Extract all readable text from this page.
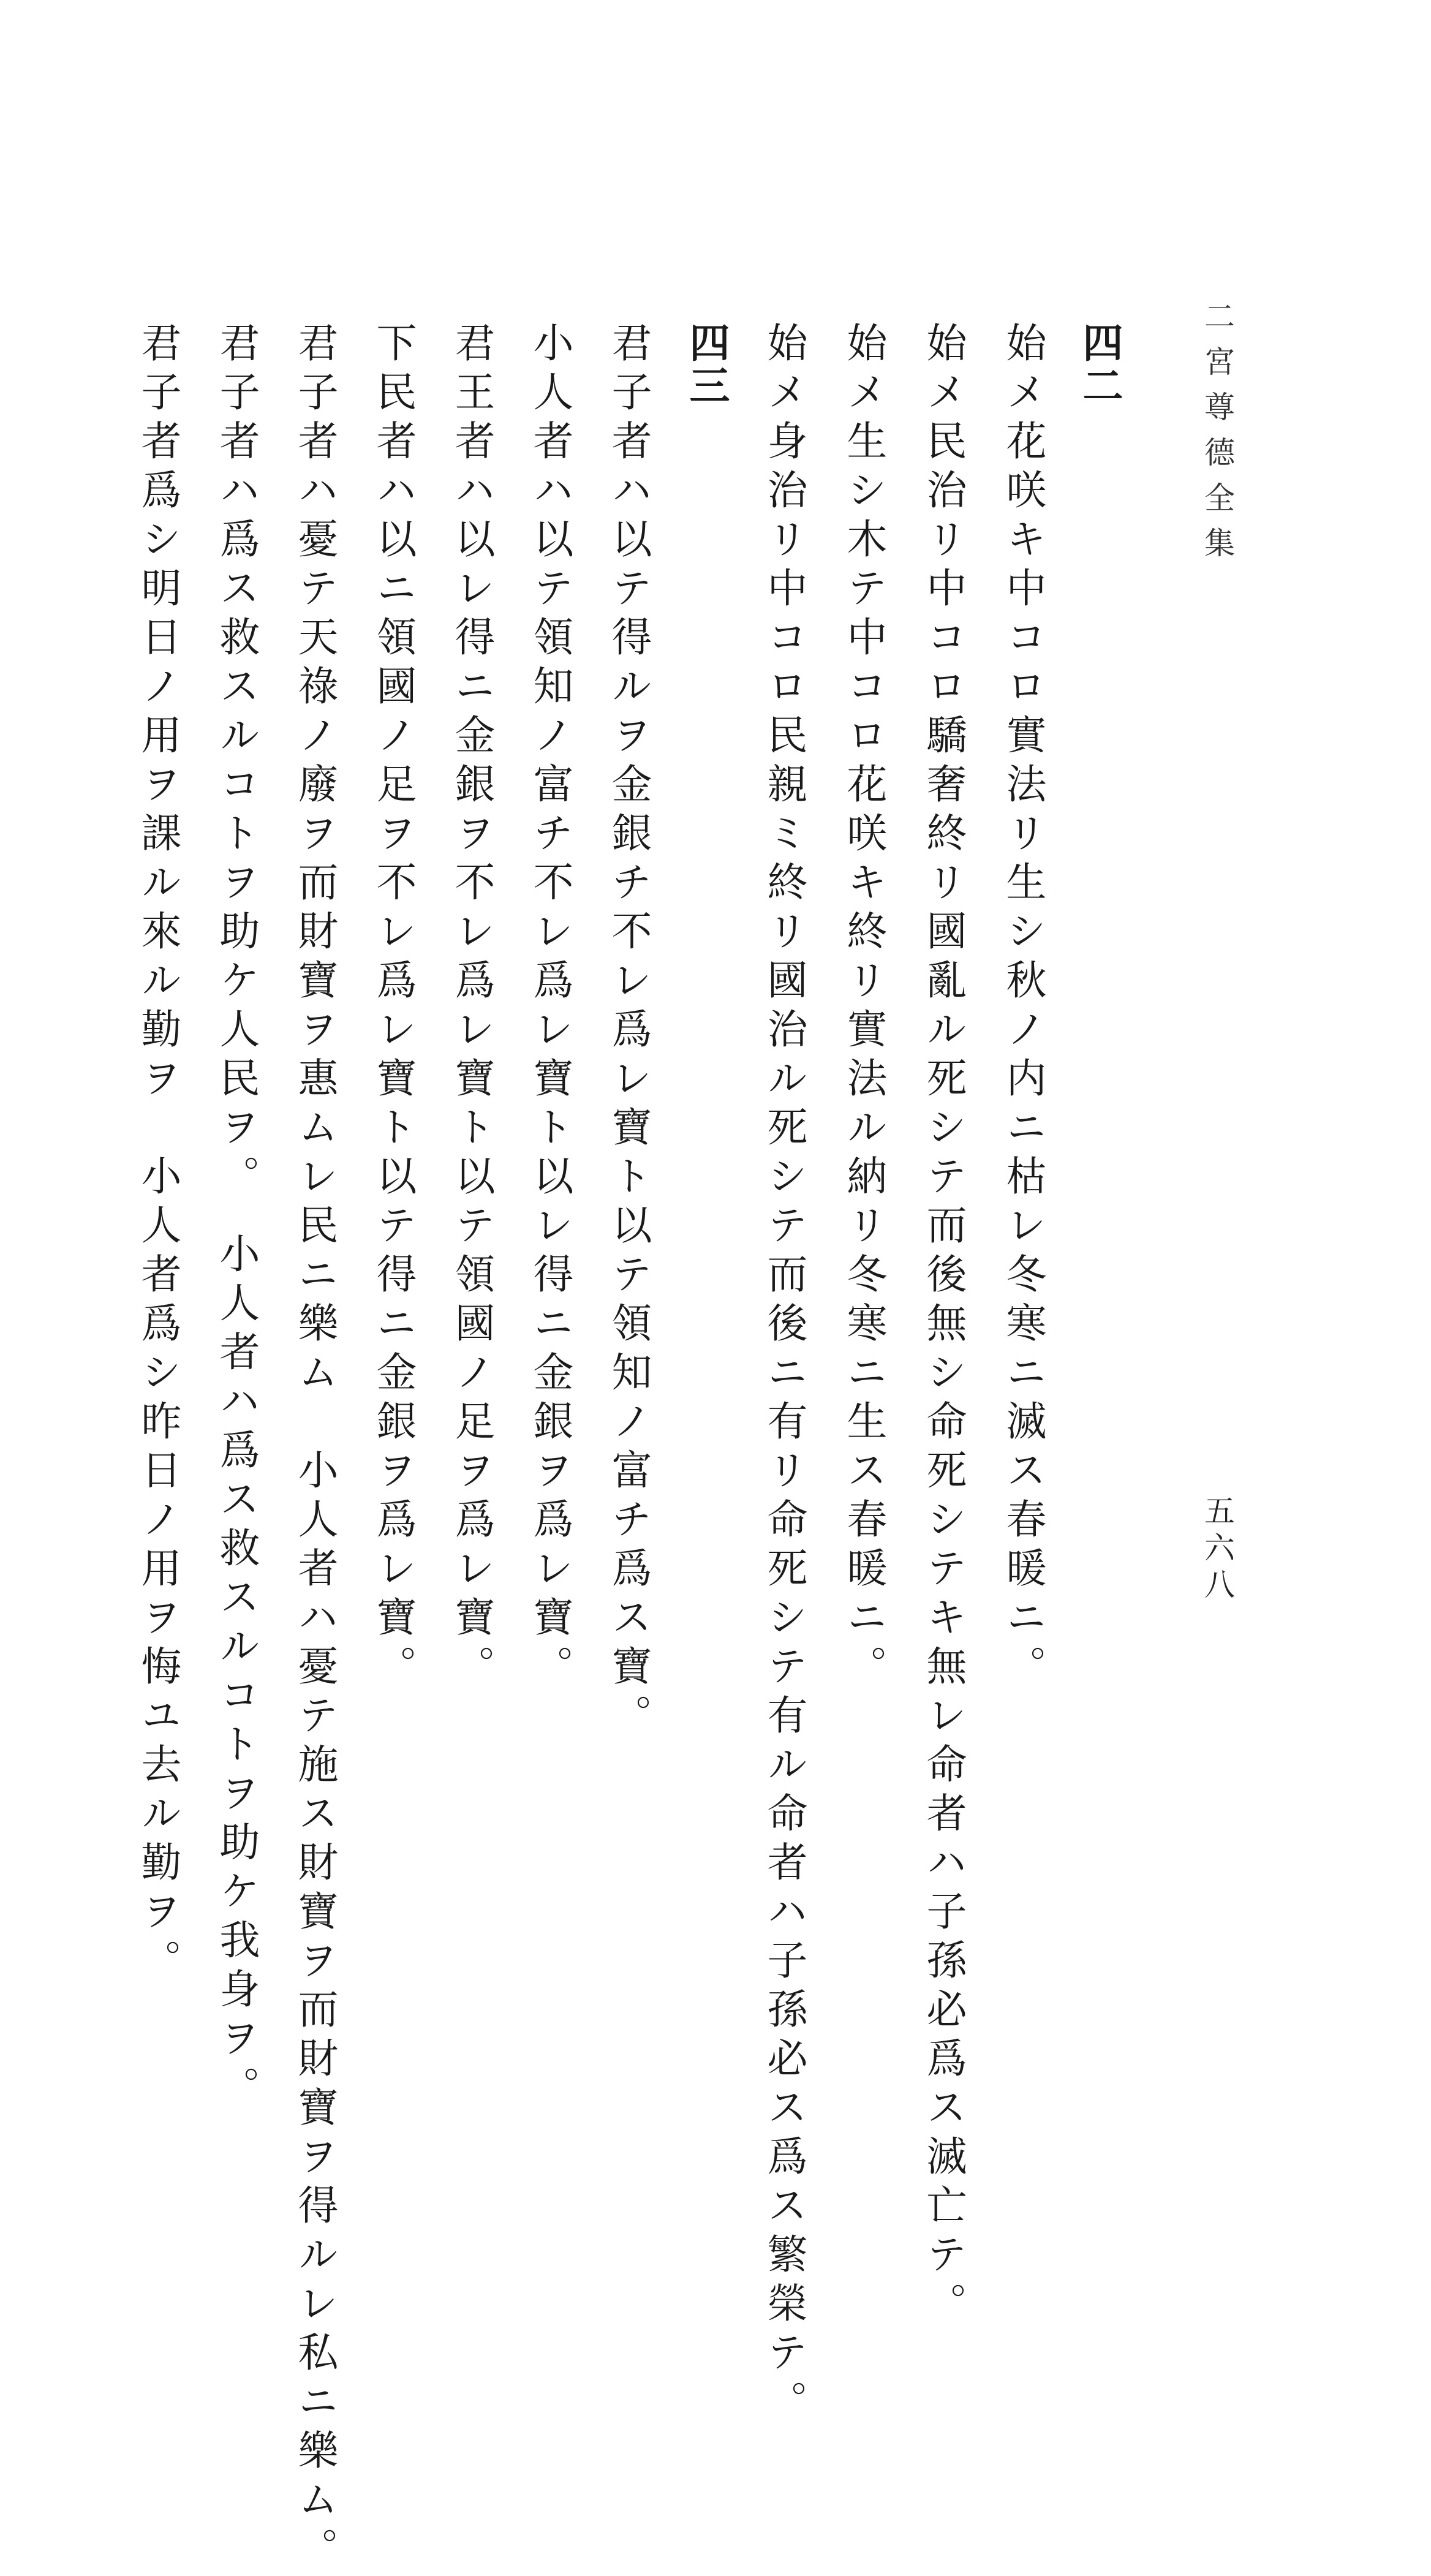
二宮尊德全集
五六八
四二
始メ花咲キ中コロ實法リ生シ秋ノ内ニ枯レ冬寒ニ滅ス春暖ニ。
始メ民治リ中コロ驕奢終リ國亂ル死シテ而後無シ命死シテキ無レ命者ハ子孫必爲ス滅亡テ。
始メ生シ木テ中コロ花咲キ終リ實法ル納リ冬寒ニ生ス春暖ニ。
始メ身治リ中コロ民親ミ終リ國治ル死シテ而後ニ有リ命死シテ有ル命者ハ子孫必ス爲ス繁榮テ。
四三
君子者ハ以テ得ルヲ金銀チ不レ爲レ寶ト以テ領知ノ富チ爲ス寶。
小人者ハ以テ領知ノ富チ不レ爲レ寶ト以レ得ニ金銀ヲ爲レ寶。
君王者ハ以レ得ニ金銀ヲ不レ爲レ寶ト以テ領國ノ足ヲ爲レ寶。
下民者ハ以ニ領國ノ足ヲ不レ爲レ寶ト以テ得ニ金銀ヲ爲レ寶。
君子者ハ憂テ天祿ノ廢ヲ而財寶ヲ惠ムレ民ニ樂ム　小人者ハ憂テ施ス財寶ヲ而財寶ヲ得ルレ私ニ樂ム。
君子者ハ爲ス救スルコトヲ助ケ人民ヲ。　小人者ハ爲ス救スルコトヲ助ケ我身ヲ。
君子者爲シ明日ノ用ヲ課ル來ル勤ヲ　小人者爲シ昨日ノ用ヲ悔ユ去ル勤ヲ。
